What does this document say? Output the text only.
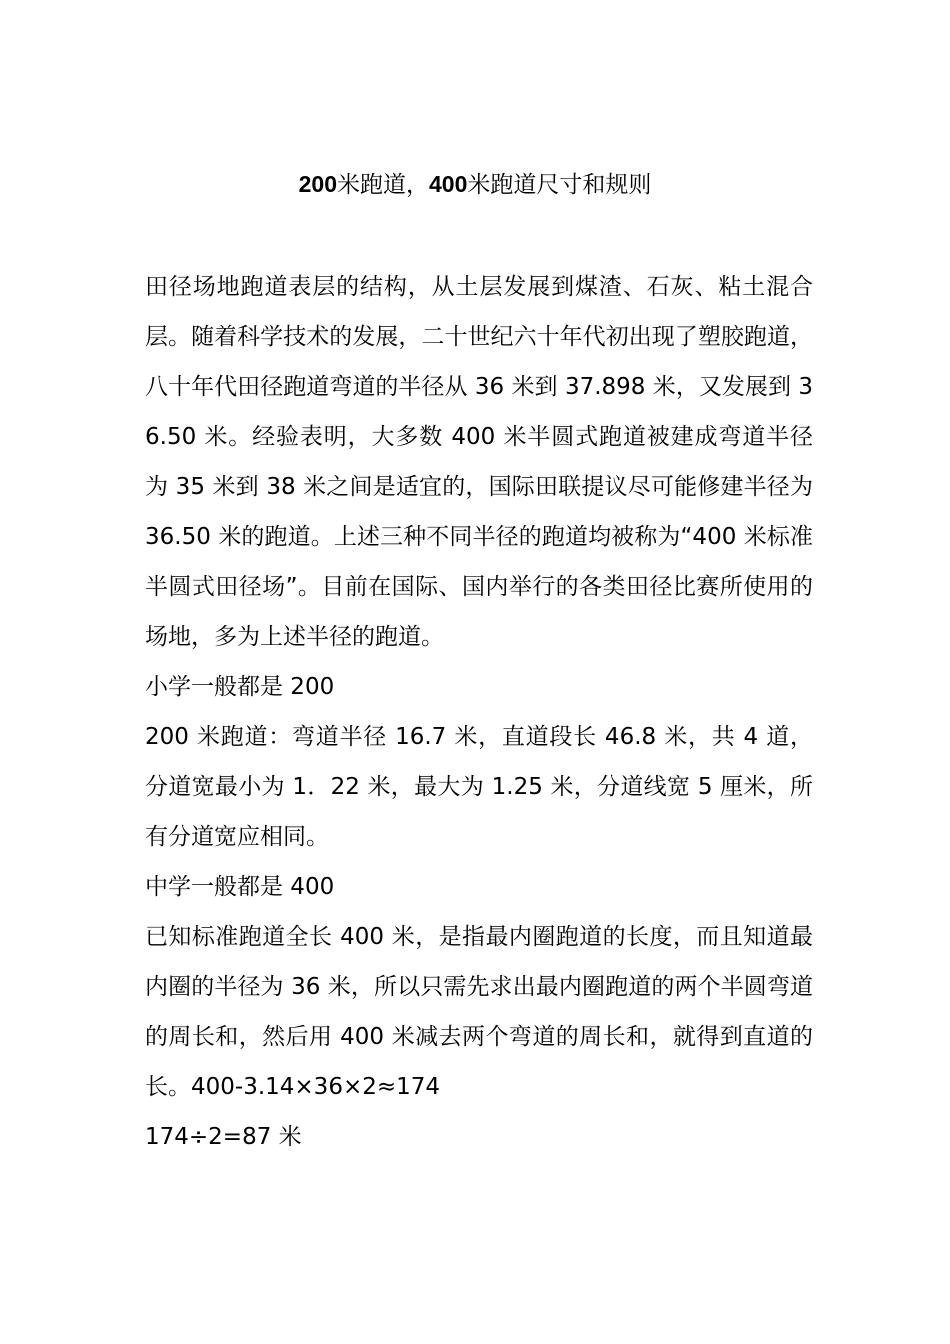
200米跑道，400米跑道尺寸和规则

田径场地跑道表层的结构，从土层发展到煤渣、石灰、粘土混合层。随着科学技术的发展，二十世纪六十年代初出现了塑胶跑道，八十年代田径跑道弯道的半径从 36 米到 37.898 米，又发展到 36.50 米。经验表明，大多数 400 米半圆式跑道被建成弯道半径为 35 米到 38 米之间是适宜的，国际田联提议尽可能修建半径为 36.50 米的跑道。上述三种不同半径的跑道均被称为“400 米标准半圆式田径场”。目前在国际、国内举行的各类田径比赛所使用的场地，多为上述半径的跑道。

小学一般都是 200

200 米跑道：弯道半径 16.7 米，直道段长 46.8 米，共 4 道，分道宽最小为 1．22 米，最大为 1.25 米，分道线宽 5 厘米，所有分道宽应相同。

中学一般都是 400

已知标准跑道全长 400 米，是指最内圈跑道的长度，而且知道最内圈的半径为 36 米，所以只需先求出最内圈跑道的两个半圆弯道的周长和，然后用 400 米减去两个弯道的周长和，就得到直道的长。400-3.14×36×2≈174

174÷2=87 米
